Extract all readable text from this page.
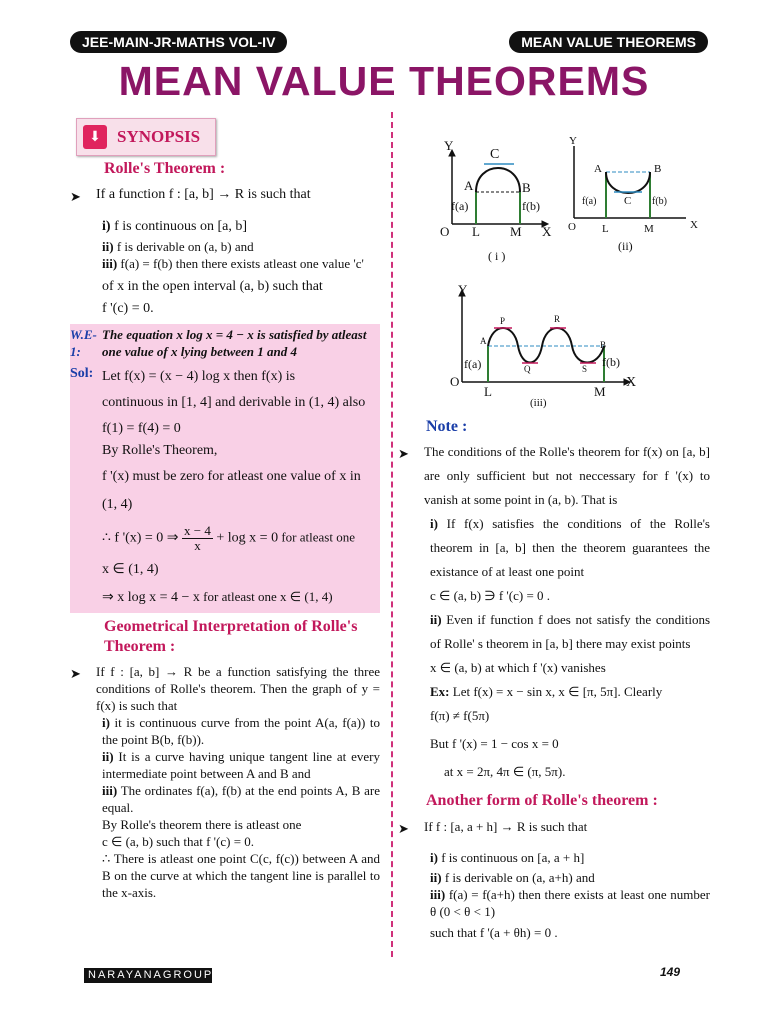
JEE-MAIN-JR-MATHS VOL-IV	MEAN VALUE THEOREMS
MEAN VALUE THEOREMS
⬇ SYNOPSIS
Rolle's Theorem :
➤	If a function f : [a, b] → R is such that

i) f is continuous on [a, b]

ii) f is derivable on (a, b) and

iii) f(a) = f(b) then there exists atleast one value 'c'

of x in the open interval (a, b) such that

f '(c) = 0.

W.E-1:
The equation x log x = 4 − x is satisfied by atleast one value of x lying between 1 and 4
Sol: Let f(x) = (x − 4) log x then f(x) is

continuous in [1, 4] and derivable in (1, 4) also

f(1) = f(4) = 0

By Rolle's Theorem,

f '(x) must be zero for atleast one value of x in

(1, 4)

∴ f '(x) = 0 ⇒ $\frac{x - 4}{x} + \log x = 0$ for atleast one

x ∈ (1, 4)

⇒ x log x = 4 − x for atleast one x ∈ (1, 4)

Geometrical Interpretation of Rolle's Theorem :
➤	If f : [a, b] → R be a function satisfying the three conditions of Rolle's theorem. Then the graph of y = f(x) is such that

i) it is continuous curve from the point A(a, f(a)) to the point B(b, f(b)).

ii) It is a curve having unique tangent line at every intermediate point between A and B and

iii) The ordinates f(a), f(b) at the end points A, B are equal.

By Rolle's theorem there is atleast one

c ∈ (a, b) such that f '(c) = 0.

∴ There is atleast one point C(c, f(c)) between A and B on the curve at which the tangent line is parallel to the x-axis.

Y
C
A	B
f(a)	f(b)
O L M X
( i )
Y
A	B
C
f(a)	f(b)
O L	M	X
(ii)
Y
P	R
A	B
Q	S
f(a)	f(b)
O
L	M
X
(iii)
Note :
➤	The conditions of the Rolle's theorem for f(x) on [a, b] are only sufficient but not neccessary for f '(x) to vanish at some point in (a, b). That is

i) If f(x) satisfies the conditions of the Rolle's theorem in [a, b] then the theorem guarantees the existance of at least one point

c ∈ (a, b) ∋ f '(c) = 0 .

ii) Even if function f does not satisfy the conditions of Rolle' s theorem in [a, b] there may exist points

x ∈ (a, b) at which f '(x) vanishes

Ex: Let f(x) = x − sin x, x ∈ [π, 5π]. Clearly

f(π) ≠ f(5π)

But f '(x) = 1 − cos x = 0

at x = 2π, 4π ∈ (π, 5π).

Another form of Rolle's theorem :
➤	If f : [a, a + h] → R is such that

i) f is continuous on [a, a + h]

ii) f is derivable on (a, a+h) and

iii) f(a) = f(a+h) then there exists at least one number θ (0 < θ < 1)

such that f '(a + θh) = 0 .

NARAYANAGROUP	149
